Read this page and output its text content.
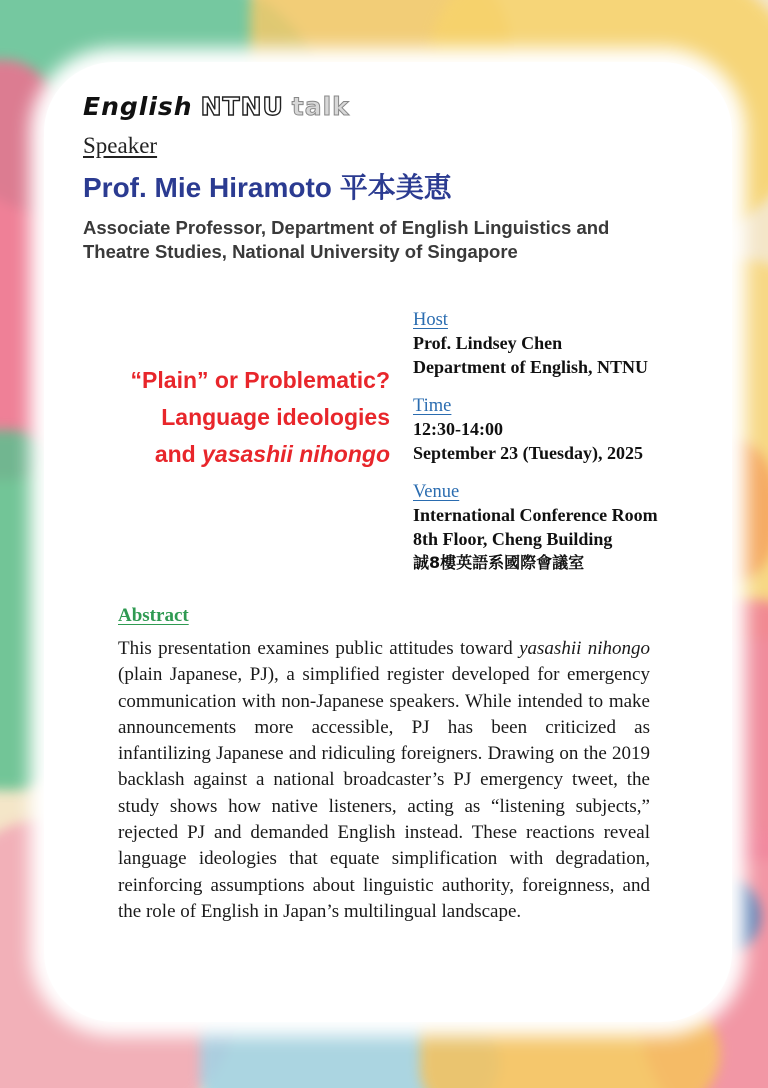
English NTNU talk
Speaker
Prof. Mie Hiramoto 平本美恵
Associate Professor, Department of English Linguistics and
Theatre Studies, National University of Singapore
“Plain” or Problematic?
Language ideologies
and yasashii nihongo
Host
Prof. Lindsey Chen
Department of English, NTNU
Time
12:30-14:00
September 23 (Tuesday), 2025
Venue
International Conference Room
8th Floor, Cheng Building
誠8樓英語系國際會議室
Abstract
This presentation examines public attitudes toward yasashii nihongo (plain Japanese, PJ), a simplified register developed for emergency communication with non-Japanese speakers. While intended to make announcements more accessible, PJ has been criticized as infantilizing Japanese and ridiculing foreigners. Drawing on the 2019 backlash against a national broadcaster’s PJ emergency tweet, the study shows how native listeners, acting as “listening subjects,” rejected PJ and demanded English instead. These reactions reveal language ideologies that equate simplification with degradation, reinforcing assumptions about linguistic authority, foreignness, and the role of English in Japan’s multilingual landscape.
